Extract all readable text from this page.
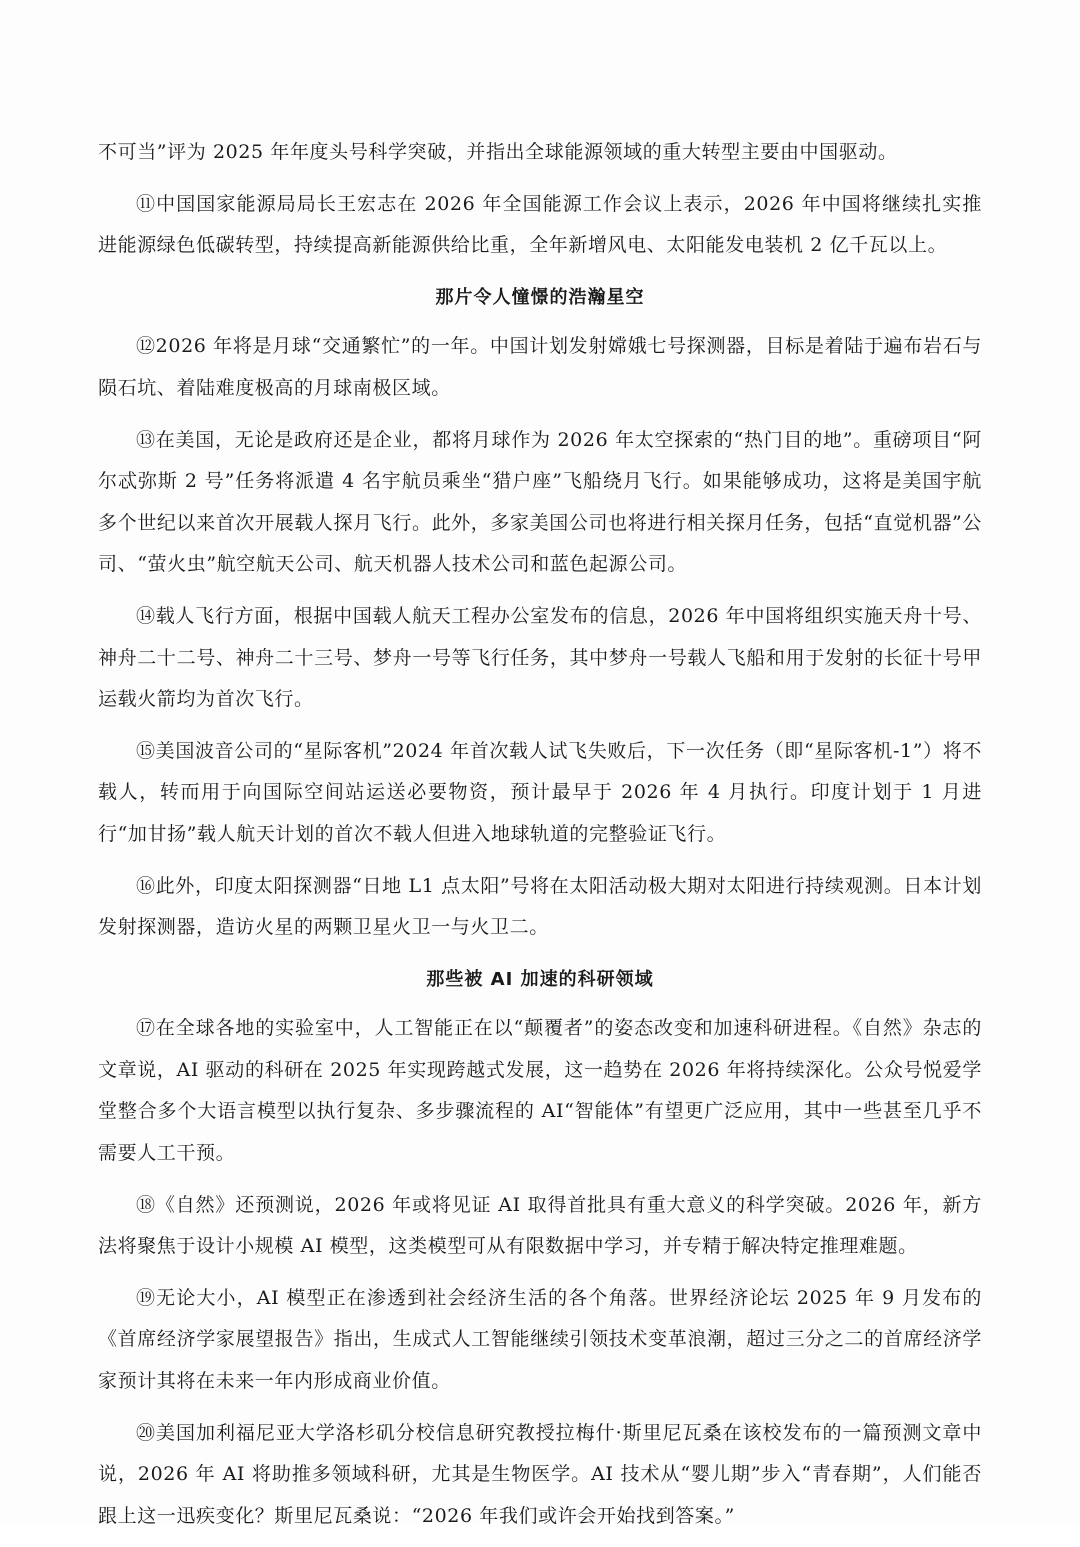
不可当”评为 2025 年年度头号科学突破，并指出全球能源领域的重大转型主要由中国驱动。

⑪中国国家能源局局长王宏志在 2026 年全国能源工作会议上表示，2026 年中国将继续扎实推进能源绿色低碳转型，持续提高新能源供给比重，全年新增风电、太阳能发电装机 2 亿千瓦以上。

那片令人憧憬的浩瀚星空

⑫2026 年将是月球“交通繁忙”的一年。中国计划发射嫦娥七号探测器，目标是着陆于遍布岩石与陨石坑、着陆难度极高的月球南极区域。

⑬在美国，无论是政府还是企业，都将月球作为 2026 年太空探索的“热门目的地”。重磅项目“阿尔忒弥斯 2 号”任务将派遣 4 名宇航员乘坐“猎户座”飞船绕月飞行。如果能够成功，这将是美国宇航多个世纪以来首次开展载人探月飞行。此外，多家美国公司也将进行相关探月任务，包括“直觉机器”公司、“萤火虫”航空航天公司、航天机器人技术公司和蓝色起源公司。

⑭载人飞行方面，根据中国载人航天工程办公室发布的信息，2026 年中国将组织实施天舟十号、神舟二十二号、神舟二十三号、梦舟一号等飞行任务，其中梦舟一号载人飞船和用于发射的长征十号甲运载火箭均为首次飞行。

⑮美国波音公司的“星际客机”2024 年首次载人试飞失败后，下一次任务（即“星际客机-1”）将不载人，转而用于向国际空间站运送必要物资，预计最早于 2026 年 4 月执行。印度计划于 1 月进行“加甘扬”载人航天计划的首次不载人但进入地球轨道的完整验证飞行。

⑯此外，印度太阳探测器“日地 L1 点太阳”号将在太阳活动极大期对太阳进行持续观测。日本计划发射探测器，造访火星的两颗卫星火卫一与火卫二。

那些被 AI 加速的科研领域

⑰在全球各地的实验室中，人工智能正在以“颠覆者”的姿态改变和加速科研进程。《自然》杂志的文章说，AI 驱动的科研在 2025 年实现跨越式发展，这一趋势在 2026 年将持续深化。公众号悦爱学堂整合多个大语言模型以执行复杂、多步骤流程的 AI“智能体”有望更广泛应用，其中一些甚至几乎不需要人工干预。

⑱《自然》还预测说，2026 年或将见证 AI 取得首批具有重大意义的科学突破。2026 年，新方法将聚焦于设计小规模 AI 模型，这类模型可从有限数据中学习，并专精于解决特定推理难题。

⑲无论大小，AI 模型正在渗透到社会经济生活的各个角落。世界经济论坛 2025 年 9 月发布的《首席经济学家展望报告》指出，生成式人工智能继续引领技术变革浪潮，超过三分之二的首席经济学家预计其将在未来一年内形成商业价值。

⑳美国加利福尼亚大学洛杉矶分校信息研究教授拉梅什·斯里尼瓦桑在该校发布的一篇预测文章中说，2026 年 AI 将助推多领域科研，尤其是生物医学。AI 技术从“婴儿期”步入“青春期”，人们能否跟上这一迅疾变化？斯里尼瓦桑说：“2026 年我们或许会开始找到答案。”
